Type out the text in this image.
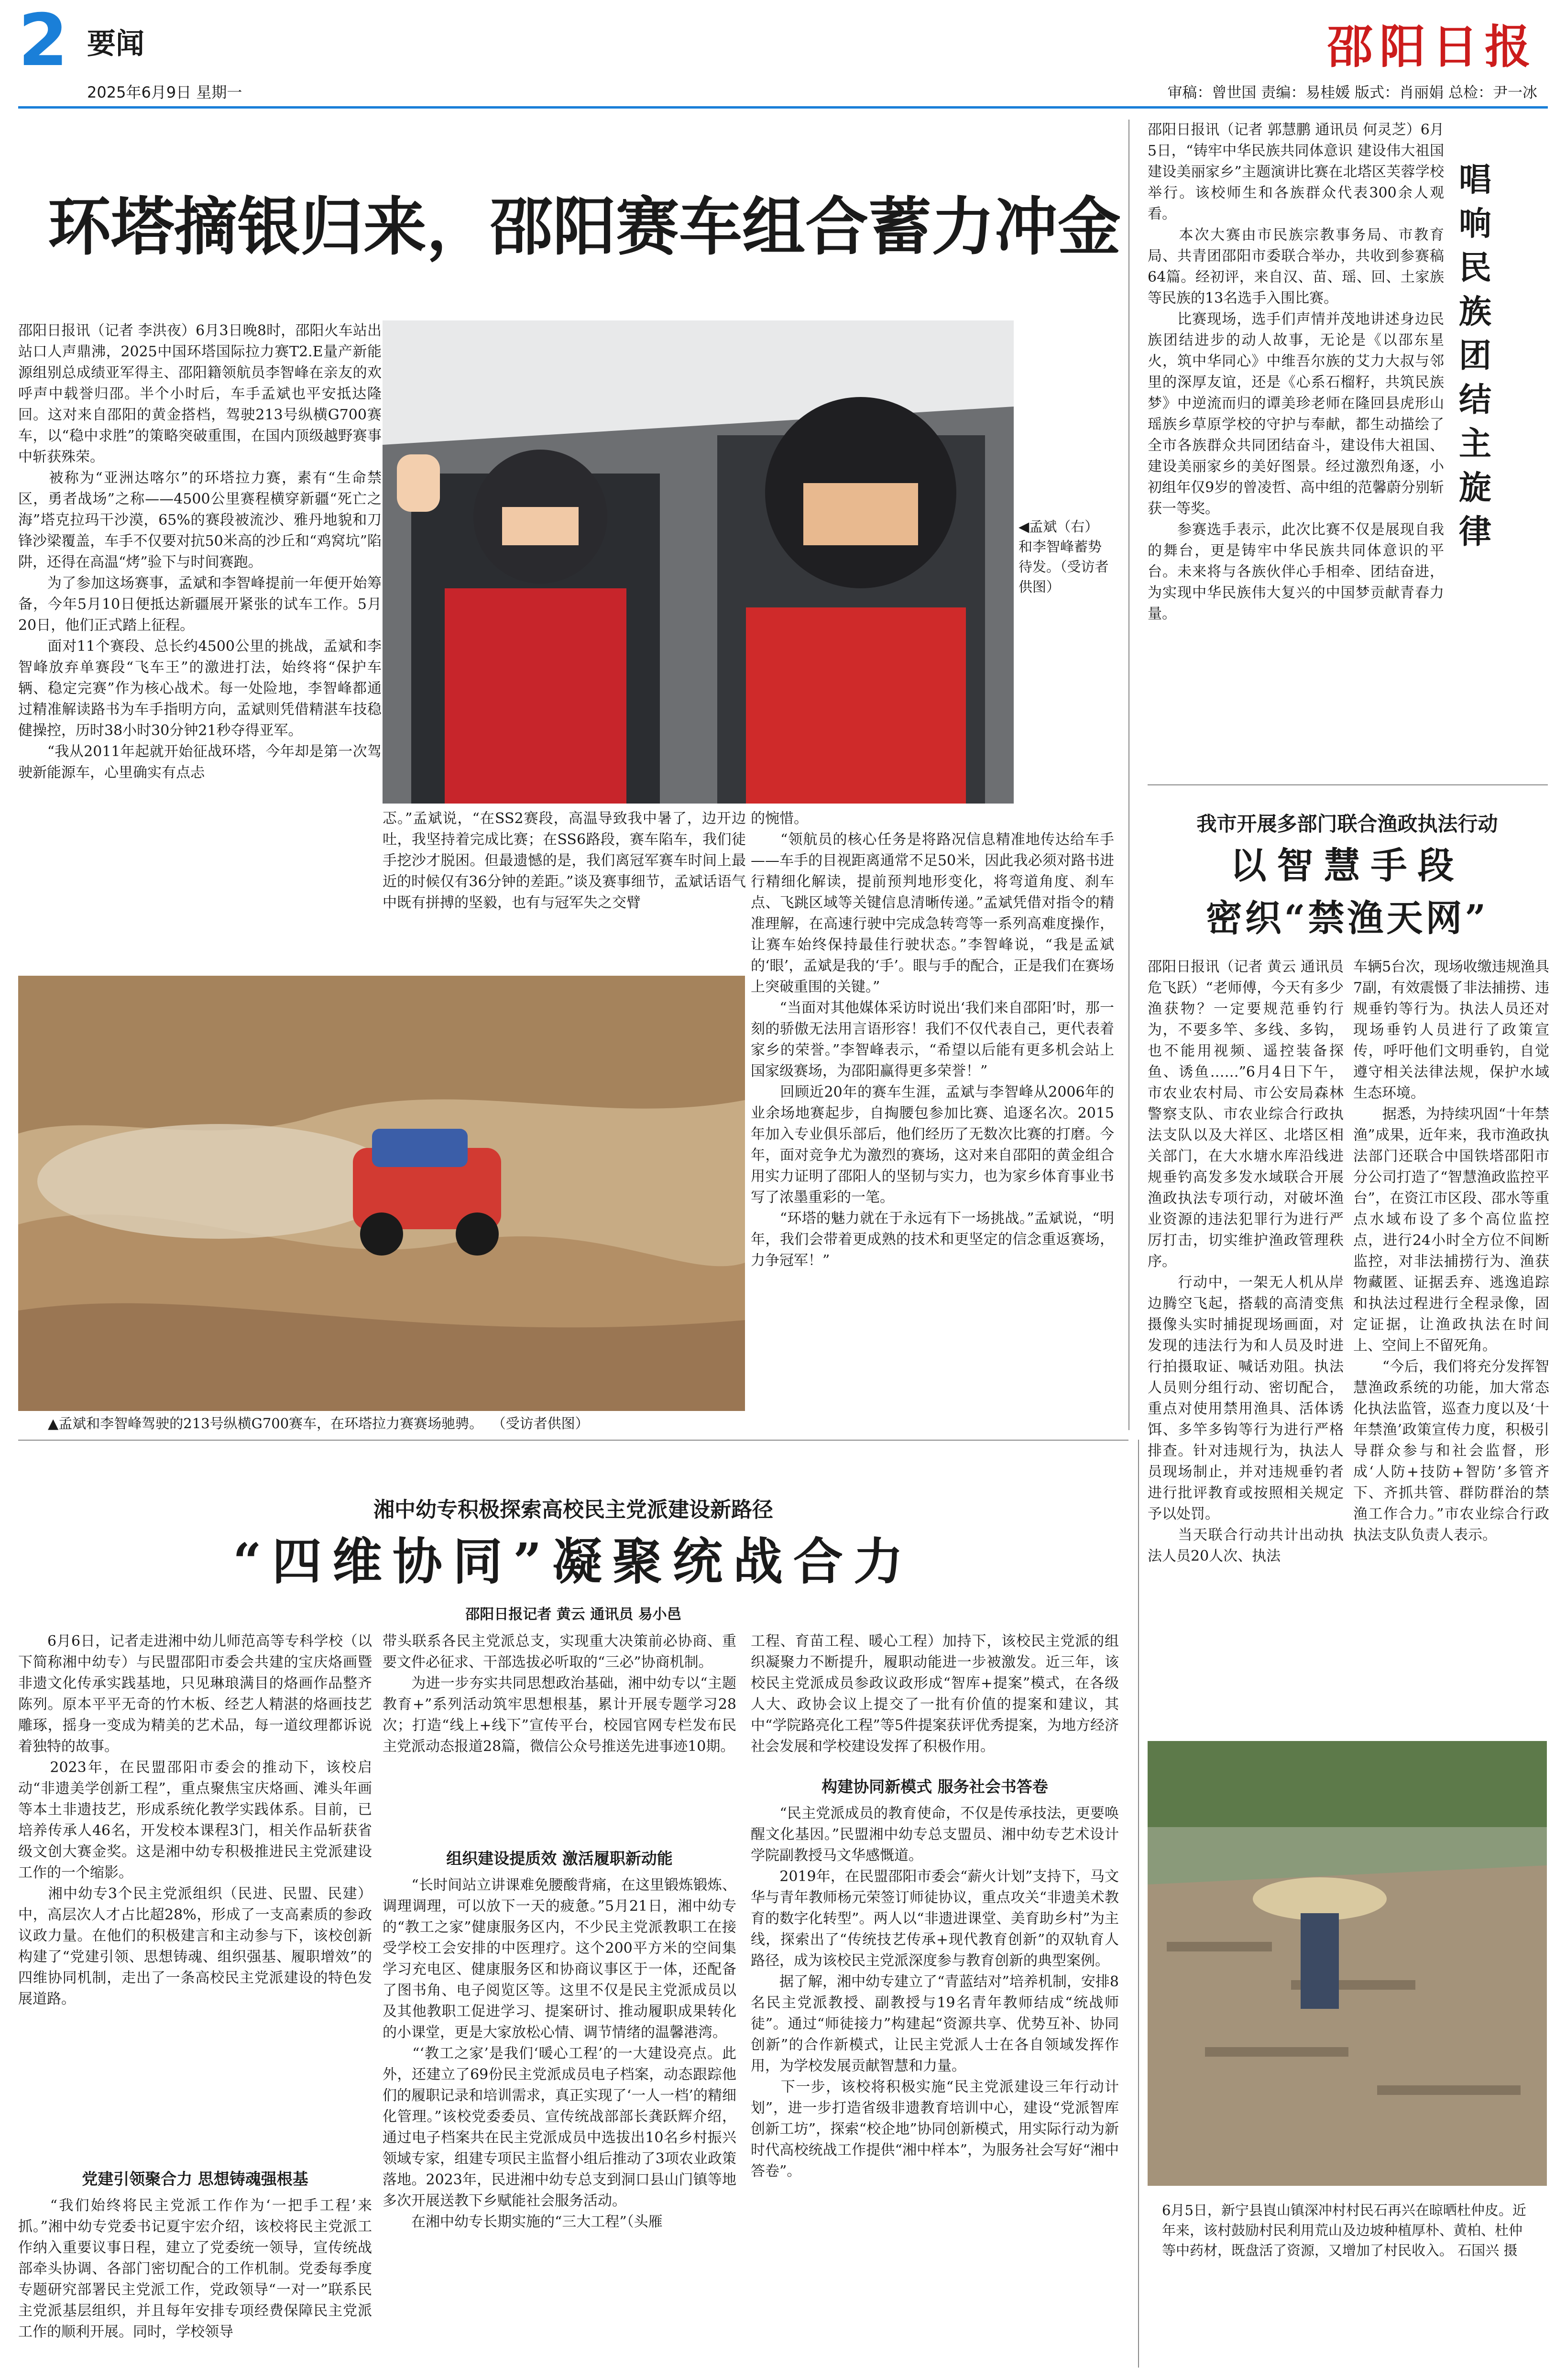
2 要闻
2025年6月9日 星期一
邵阳日报
审稿：曾世国 责编：易桂媛 版式：肖丽娟 总检：尹一冰
环塔摘银归来，邵阳赛车组合蓄力冲金
邵阳日报讯（记者 李洪夜）6月3日晚8时，邵阳火车站出站口人声鼎沸，2025中国环塔国际拉力赛T2.E量产新能源组别总成绩亚军得主、邵阳籍领航员李智峰在亲友的欢呼声中载誉归邵。半个小时后，车手孟斌也平安抵达隆回。这对来自邵阳的黄金搭档，驾驶213号纵横G700赛车，以“稳中求胜”的策略突破重围，在国内顶级越野赛事中斩获殊荣。
　　被称为“亚洲达喀尔”的环塔拉力赛，素有“生命禁区，勇者战场”之称——4500公里赛程横穿新疆“死亡之海”塔克拉玛干沙漠，65%的赛段被流沙、雅丹地貌和刀锋沙梁覆盖，车手不仅要对抗50米高的沙丘和“鸡窝坑”陷阱，还得在高温“烤”验下与时间赛跑。
　　为了参加这场赛事，孟斌和李智峰提前一年便开始筹备，今年5月10日便抵达新疆展开紧张的试车工作。5月20日，他们正式踏上征程。
　　面对11个赛段、总长约4500公里的挑战，孟斌和李智峰放弃单赛段“飞车王”的激进打法，始终将“保护车辆、稳定完赛”作为核心战术。每一处险地，李智峰都通过精准解读路书为车手指明方向，孟斌则凭借精湛车技稳健操控，历时38小时30分钟21秒夺得亚军。
　　“我从2011年起就开始征战环塔，今年却是第一次驾驶新能源车，心里确实有点忐
◀孟斌（右）和李智峰蓄势待发。（受访者供图）
忑。”孟斌说，“在SS2赛段，高温导致我中暑了，边开边吐，我坚持着完成比赛；在SS6路段，赛车陷车，我们徒手挖沙才脱困。但最遗憾的是，我们离冠军赛车时间上最近的时候仅有36分钟的差距。”谈及赛事细节，孟斌话语气中既有拼搏的坚毅，也有与冠军失之交臂
的惋惜。
　　“领航员的核心任务是将路况信息精准地传达给车手——车手的目视距离通常不足50米，因此我必须对路书进行精细化解读，提前预判地形变化，将弯道角度、刹车点、飞跳区域等关键信息清晰传递。”孟斌凭借对指令的精准理解，在高速行驶中完成急转弯等一系列高难度操作，让赛车始终保持最佳行驶状态。”李智峰说，“我是孟斌的‘眼’，孟斌是我的‘手’。眼与手的配合，正是我们在赛场上突破重围的关键。”
　　“当面对其他媒体采访时说出‘我们来自邵阳’时，那一刻的骄傲无法用言语形容！我们不仅代表自己，更代表着家乡的荣誉。”李智峰表示，“希望以后能有更多机会站上国家级赛场，为邵阳赢得更多荣誉！”
　　回顾近20年的赛车生涯，孟斌与李智峰从2006年的业余场地赛起步，自掏腰包参加比赛、追逐名次。2015年加入专业俱乐部后，他们经历了无数次比赛的打磨。今年，面对竞争尤为激烈的赛场，这对来自邵阳的黄金组合用实力证明了邵阳人的坚韧与实力，也为家乡体育事业书写了浓墨重彩的一笔。
　　“环塔的魅力就在于永远有下一场挑战。”孟斌说，“明年，我们会带着更成熟的技术和更坚定的信念重返赛场，力争冠军！”
▲孟斌和李智峰驾驶的213号纵横G700赛车，在环塔拉力赛赛场驰骋。  （受访者供图）
邵阳日报讯（记者 郭慧鹏 通讯员 何灵芝）6月5日，“铸牢中华民族共同体意识 建设伟大祖国 建设美丽家乡”主题演讲比赛在北塔区芙蓉学校举行。该校师生和各族群众代表300余人观看。
　　本次大赛由市民族宗教事务局、市教育局、共青团邵阳市委联合举办，共收到参赛稿64篇。经初评，来自汉、苗、瑶、回、土家族等民族的13名选手入围比赛。
　　比赛现场，选手们声情并茂地讲述身边民族团结进步的动人故事，无论是《以邵东星火，筑中华同心》中维吾尔族的艾力大叔与邻里的深厚友谊，还是《心系石榴籽，共筑民族梦》中逆流而归的谭美珍老师在隆回县虎形山瑶族乡草原学校的守护与奉献，都生动描绘了全市各族群众共同团结奋斗，建设伟大祖国、建设美丽家乡的美好图景。经过激烈角逐，小初组年仅9岁的曾凌哲、高中组的范馨蔚分别斩获一等奖。
　　参赛选手表示，此次比赛不仅是展现自我的舞台，更是铸牢中华民族共同体意识的平台。未来将与各族伙伴心手相牵、团结奋进，为实现中华民族伟大复兴的中国梦贡献青春力量。
唱响民族团结主旋律
我市开展多部门联合渔政执法行动
以智慧手段
密织“禁渔天网”
邵阳日报讯（记者 黄云 通讯员 危飞跃）“老师傅，今天有多少渔获物？一定要规范垂钓行为，不要多竿、多线、多钩，也不能用视频、遥控装备探鱼、诱鱼……”6月4日下午，市农业农村局、市公安局森林警察支队、市农业综合行政执法支队以及大祥区、北塔区相关部门，在大水塘水库沿线进规垂钓高发多发水域联合开展渔政执法专项行动，对破坏渔业资源的违法犯罪行为进行严厉打击，切实维护渔政管理秩序。
　　行动中，一架无人机从岸边腾空飞起，搭载的高清变焦摄像头实时捕捉现场画面，对发现的违法行为和人员及时进行拍摄取证、喊话劝阻。执法人员则分组行动、密切配合，重点对使用禁用渔具、活体诱饵、多竿多钩等行为进行严格排查。针对违规行为，执法人员现场制止，并对违规垂钓者进行批评教育或按照相关规定予以处罚。
　　当天联合行动共计出动执法人员20人次、执法
车辆5台次，现场收缴违规渔具7副，有效震慑了非法捕捞、违规垂钓等行为。执法人员还对现场垂钓人员进行了政策宣传，呼吁他们文明垂钓，自觉遵守相关法律法规，保护水域生态环境。
　　据悉，为持续巩固“十年禁渔”成果，近年来，我市渔政执法部门还联合中国铁塔邵阳市分公司打造了“智慧渔政监控平台”，在资江市区段、邵水等重点水域布设了多个高位监控点，进行24小时全方位不间断监控，对非法捕捞行为、渔获物藏匿、证据丢弃、逃逸追踪和执法过程进行全程录像，固定证据，让渔政执法在时间上、空间上不留死角。
　　“今后，我们将充分发挥智慧渔政系统的功能，加大常态化执法监管，巡查力度以及‘十年禁渔’政策宣传力度，积极引导群众参与和社会监督，形成‘人防+技防+智防’多管齐下、齐抓共管、群防群治的禁渔工作合力。”市农业综合行政执法支队负责人表示。
6月5日，新宁县崀山镇深冲村村民石再兴在晾晒杜仲皮。近年来，该村鼓励村民利用荒山及边坡种植厚朴、黄柏、杜仲等中药材，既盘活了资源，又增加了村民收入。 石国兴 摄
湘中幼专积极探索高校民主党派建设新路径
“四维协同”凝聚统战合力
邵阳日报记者 黄云 通讯员 易小邑
　　6月6日，记者走进湘中幼儿师范高等专科学校（以下简称湘中幼专）与民盟邵阳市委会共建的宝庆烙画暨非遗文化传承实践基地，只见琳琅满目的烙画作品整齐陈列。原本平平无奇的竹木板、经艺人精湛的烙画技艺雕琢，摇身一变成为精美的艺术品，每一道纹理都诉说着独特的故事。
　　2023年，在民盟邵阳市委会的推动下，该校启动“非遗美学创新工程”，重点聚焦宝庆烙画、滩头年画等本土非遗技艺，形成系统化教学实践体系。目前，已培养传承人46名，开发校本课程3门，相关作品斩获省级文创大赛金奖。这是湘中幼专积极推进民主党派建设工作的一个缩影。
　　湘中幼专3个民主党派组织（民进、民盟、民建）中，高层次人才占比超28%，形成了一支高素质的参政议政力量。在他们的积极建言和主动参与下，该校创新构建了“党建引领、思想铸魂、组织强基、履职增效”的四维协同机制，走出了一条高校民主党派建设的特色发展道路。
党建引领聚合力 思想铸魂强根基
　　“我们始终将民主党派工作作为‘一把手工程’来抓。”湘中幼专党委书记夏宇宏介绍，该校将民主党派工作纳入重要议事日程，建立了党委统一领导，宣传统战部牵头协调、各部门密切配合的工作机制。党委每季度专题研究部署民主党派工作，党政领导“一对一”联系民主党派基层组织，并且每年安排专项经费保障民主党派工作的顺利开展。同时，学校领导
带头联系各民主党派总支，实现重大决策前必协商、重要文件必征求、干部选拔必听取的“三必”协商机制。
　　为进一步夯实共同思想政治基础，湘中幼专以“主题教育+”系列活动筑牢思想根基，累计开展专题学习28次；打造“线上+线下”宣传平台，校园官网专栏发布民主党派动态报道28篇，微信公众号推送先进事迹10期。
组织建设提质效 激活履职新动能
　　“长时间站立讲课难免腰酸背痛，在这里锻炼锻炼、调理调理，可以放下一天的疲惫。”5月21日，湘中幼专的“教工之家”健康服务区内，不少民主党派教职工在接受学校工会安排的中医理疗。这个200平方米的空间集学习充电区、健康服务区和协商议事区于一体，还配备了图书角、电子阅览区等。这里不仅是民主党派成员以及其他教职工促进学习、提案研讨、推动履职成果转化的小课堂，更是大家放松心情、调节情绪的温馨港湾。
　　“‘教工之家’是我们‘暖心工程’的一大建设亮点。此外，还建立了69份民主党派成员电子档案，动态跟踪他们的履职记录和培训需求，真正实现了‘一人一档’的精细化管理。”该校党委委员、宣传统战部部长龚跃辉介绍，通过电子档案共在民主党派成员中选拔出10名乡村振兴领域专家，组建专项民主监督小组后推动了3项农业政策落地。2023年，民进湘中幼专总支到洞口县山门镇等地多次开展送教下乡赋能社会服务活动。
　　在湘中幼专长期实施的“三大工程”（头雁
工程、育苗工程、暖心工程）加持下，该校民主党派的组织凝聚力不断提升，履职动能进一步被激发。近三年，该校民主党派成员参政议政形成“智库+提案”模式，在各级人大、政协会议上提交了一批有价值的提案和建议，其中“学院路亮化工程”等5件提案获评优秀提案，为地方经济社会发展和学校建设发挥了积极作用。
构建协同新模式 服务社会书答卷
　　“民主党派成员的教育使命，不仅是传承技法，更要唤醒文化基因。”民盟湘中幼专总支盟员、湘中幼专艺术设计学院副教授马文华感慨道。
　　2019年，在民盟邵阳市委会“薪火计划”支持下，马文华与青年教师杨元荣签订师徒协议，重点攻关“非遗美术教育的数字化转型”。两人以“非遗进课堂、美育助乡村”为主线，探索出了“传统技艺传承+现代教育创新”的双轨育人路径，成为该校民主党派深度参与教育创新的典型案例。
　　据了解，湘中幼专建立了“青蓝结对”培养机制，安排8名民主党派教授、副教授与19名青年教师结成“统战师徒”。通过“师徒接力”构建起“资源共享、优势互补、协同创新”的合作新模式，让民主党派人士在各自领域发挥作用，为学校发展贡献智慧和力量。
　　下一步，该校将积极实施“民主党派建设三年行动计划”，进一步打造省级非遗教育培训中心，建设“党派智库创新工坊”，探索“校企地”协同创新模式，用实际行动为新时代高校统战工作提供“湘中样本”，为服务社会写好“湘中答卷”。
